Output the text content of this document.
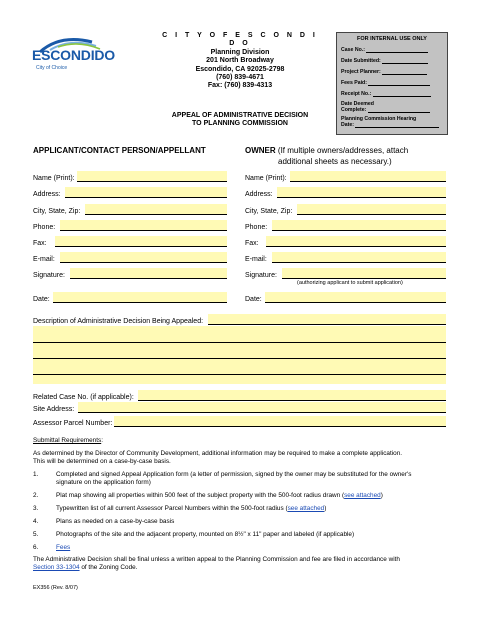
ESCONDIDO
City of Choice
C I T Y O F E S C O N D I D O
Planning Division
201 North Broadway
Escondido, CA 92025-2798
(760) 839-4671
Fax: (760) 839-4313
APPEAL OF ADMINISTRATIVE DECISION
TO PLANNING COMMISSION
FOR INTERNAL USE ONLY
Case No.:
Date Submitted:
Project Planner:
Fees Paid:
Receipt No.:
Date Deemed
Complete:
Planning Commission Hearing
Date:
APPLICANT/CONTACT PERSON/APPELLANT	OWNER (If multiple owners/addresses, attach
additional sheets as necessary.)
Name (Print):
Address:
City, State, Zip:
Phone:
Fax:
E-mail:
Signature:
Date:
Name (Print):
Address:
City, State, Zip:
Phone:
Fax:
E-mail:
Signature:
(authorizing applicant to submit application)
Date:
Description of Administrative Decision Being Appealed:
Related Case No. (if applicable):
Site Address:
Assessor Parcel Number:
Submittal Requirements:
As determined by the Director of Community Development, additional information may be required to make a complete application.
This will be determined on a case-by-case basis.
1.	Completed and signed Appeal Application form (a letter of permission, signed by the owner may be substituted for the owner's
signature on the application form)
2.	Plat map showing all properties within 500 feet of the subject property with the 500-foot radius drawn (see attached)
3.	Typewritten list of all current Assessor Parcel Numbers within the 500-foot radius (see attached)
4.	Plans as needed on a case-by-case basis
5.	Photographs of the site and the adjacent property, mounted on 8½" x 11" paper and labeled (if applicable)
6.	Fees
The Administrative Decision shall be final unless a written appeal to the Planning Commission and fee are filed in accordance with
Section 33-1304 of the Zoning Code.
EX356 (Rev. 8/07)
